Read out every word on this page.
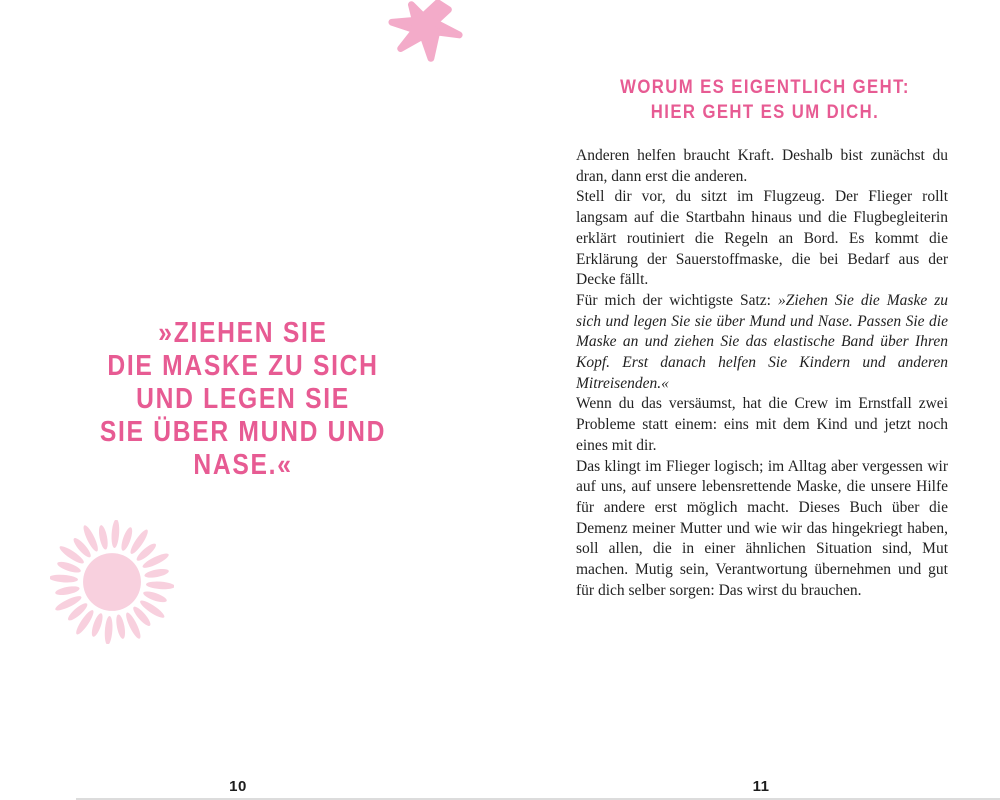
»ZIEHEN SIE
DIE MASKE ZU SICH
UND LEGEN SIE
SIE ÜBER MUND UND
NASE.«
10
WORUM ES EIGENTLICH GEHT:
HIER GEHT ES UM DICH.

Anderen helfen braucht Kraft. Deshalb bist zunächst du dran, dann erst die anderen.

Stell dir vor, du sitzt im Flugzeug. Der Flieger rollt langsam auf die Startbahn hinaus und die Flugbegleiterin erklärt routiniert die Regeln an Bord. Es kommt die Erklärung der Sauerstoffmaske, die bei Bedarf aus der Decke fällt.

Für mich der wichtigste Satz: »Ziehen Sie die Maske zu sich und legen Sie sie über Mund und Nase. Passen Sie die Maske an und ziehen Sie das elastische Band über Ihren Kopf. Erst danach helfen Sie Kindern und anderen Mitreisenden.«

Wenn du das versäumst, hat die Crew im Ernstfall zwei Probleme statt einem: eins mit dem Kind und jetzt noch eines mit dir.

Das klingt im Flieger logisch; im Alltag aber vergessen wir auf uns, auf unsere lebensrettende Maske, die unsere Hilfe für andere erst möglich macht. Dieses Buch über die Demenz meiner Mutter und wie wir das hingekriegt haben, soll allen, die in einer ähnlichen Situation sind, Mut machen. Mutig sein, Verantwortung übernehmen und gut für dich selber sorgen: Das wirst du brauchen.

11
